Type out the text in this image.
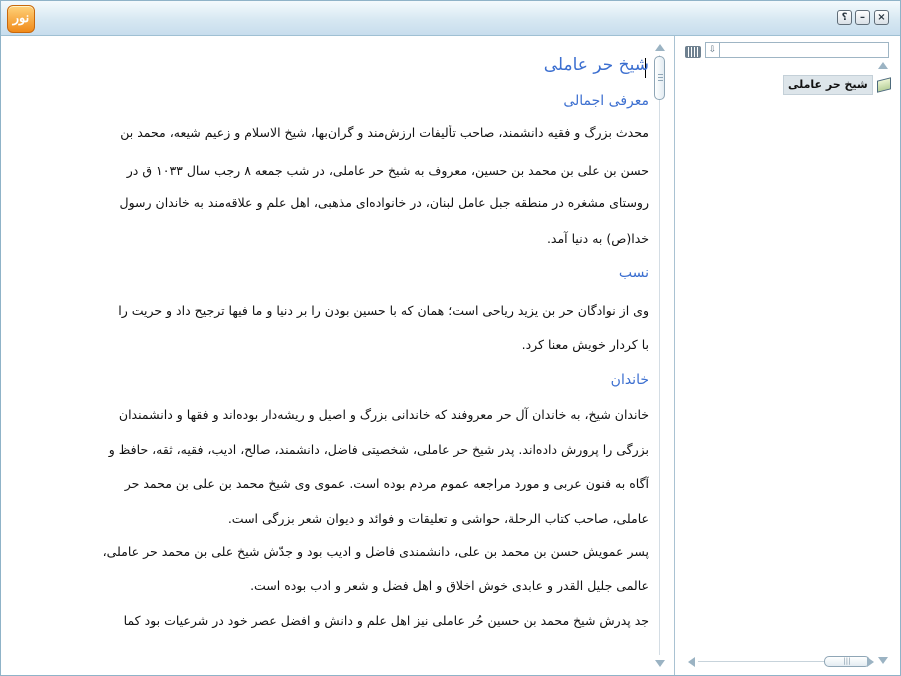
نور	؟	–	×
شیخ حر عاملی
معرفی اجمالی
محدث بزرگ و فقیه دانشمند، صاحب تألیفات ارزش‌مند و گران‌بها، شیخ الاسلام و زعیم شیعه، محمد بن
حسن بن علی بن محمد بن حسین، معروف به شیخ حر عاملی، در شب جمعه ۸ رجب سال ۱۰۳۳ ق در
روستای مشغره در منطقه جبل عامل لبنان، در خانواده‌ای مذهبی، اهل علم و علاقه‌مند به خاندان رسول
خدا(ص) به دنیا آمد.
نسب
وی از نوادگان حر بن یزید ریاحی است؛ همان که با حسین بودن را بر دنیا و ما فیها ترجیح داد و حریت را
با کردار خویش معنا کرد.
خاندان
خاندان شیخ، به خاندان آل حر معروفند که خاندانی بزرگ و اصیل و ریشه‌دار بوده‌اند و فقها و دانشمندان
بزرگی را پرورش داده‌اند. پدر شیخ حر عاملی، شخصیتی فاضل، دانشمند، صالح، ادیب، فقیه، ثقه، حافظ و
آگاه به فنون عربی و مورد مراجعه عموم مردم بوده است. عموی وی شیخ محمد بن علی بن محمد حر
عاملی، صاحب کتاب الرحلة، حواشی و تعلیقات و فوائد و دیوان شعر بزرگی است.
پسر عمویش حسن بن محمد بن علی، دانشمندی فاضل و ادیب بود و جدّش شیخ علی بن محمد حر عاملی،
عالمی جلیل القدر و عابدی خوش اخلاق و اهل فضل و شعر و ادب بوده است.
جد پدرش شیخ محمد بن حسین حُر عاملی نیز اهل علم و دانش و افضل عصر خود در شرعیات بود کما
⇩
شیخ حر عاملی
|||
